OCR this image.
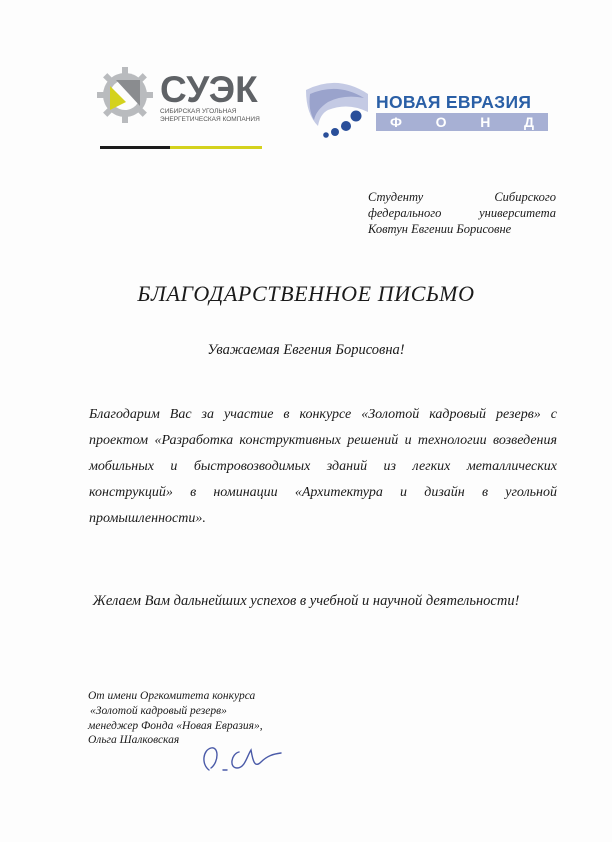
СУЭК
СИБИРСКАЯ УГОЛЬНАЯ
ЭНЕРГЕТИЧЕСКАЯ КОМПАНИЯ
НОВАЯ ЕВРАЗИЯ
Ф О Н Д
Студенту Сибирского
федерального университета
Ковтун Евгении Борисовне
БЛАГОДАРСТВЕННОЕ ПИСЬМО
Уважаемая Евгения Борисовна!
Благодарим Вас за участие в конкурсе «Золотой кадровый резерв» с проектом «Разработка конструктивных решений и технологии возведения мобильных и быстровозводимых зданий из легких металлических конструкций» в номинации «Архитектура и дизайн в угольной промышленности».
Желаем Вам дальнейших успехов в учебной и научной деятельности!
От имени Оргкомитета конкурса
«Золотой кадровый резерв»
менеджер Фонда «Новая Евразия»,
Ольга Шалковская
